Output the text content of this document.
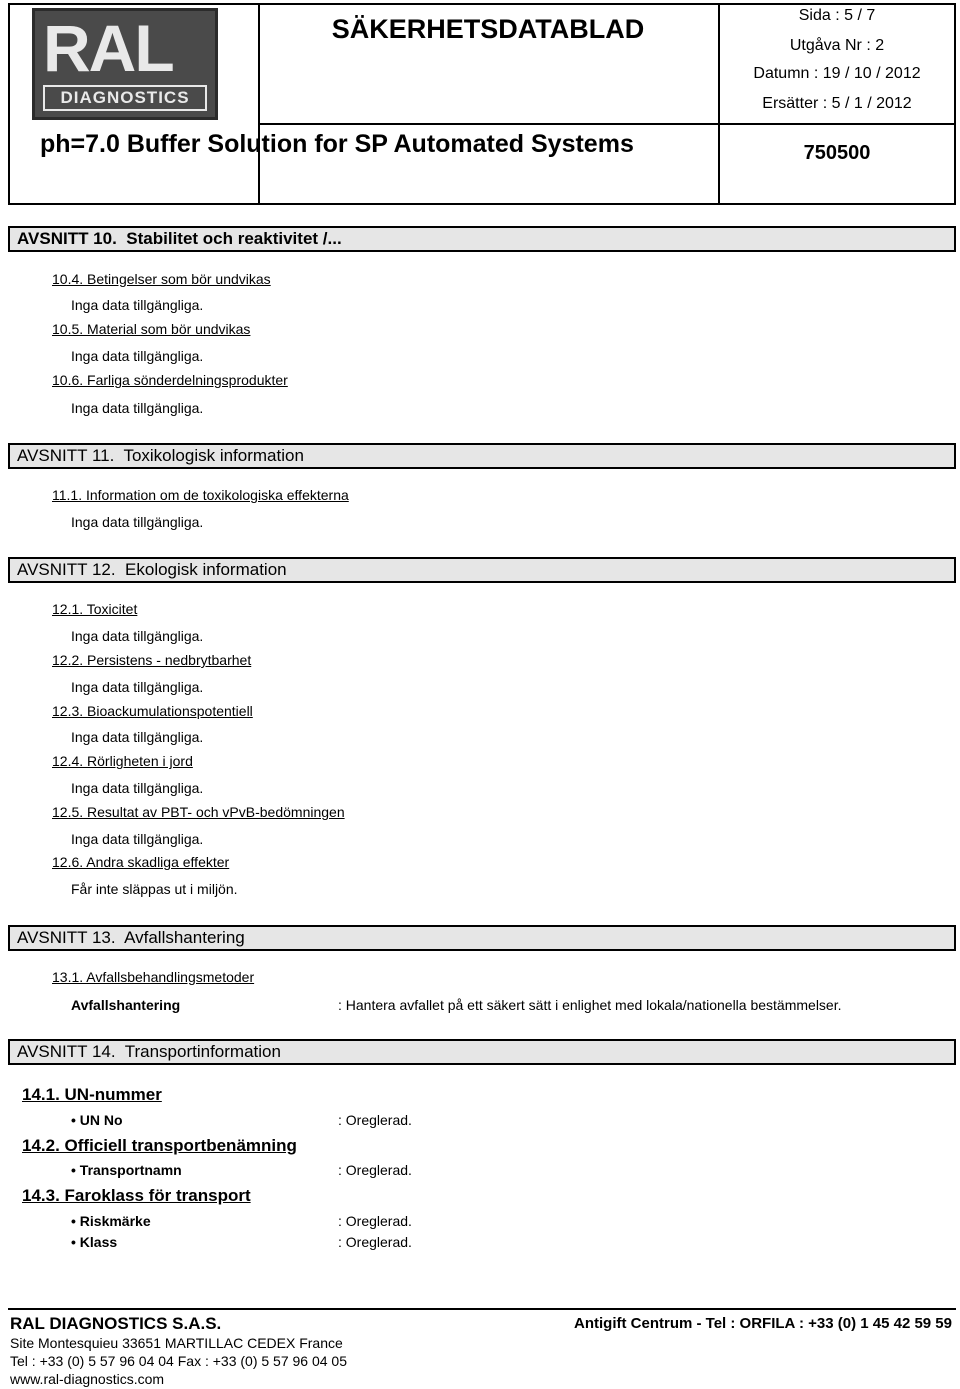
RAL
DIAGNOSTICS
SÄKERHETSDATABLAD	Sida : 5 / 7
Utgåva Nr : 2
Datumn : 19 / 10 / 2012
Ersätter : 5 / 1 / 2012
ph=7.0 Buffer Solution for SP Automated Systems	750500
AVSNITT 10. Stabilitet och reaktivitet /...
10.4. Betingelser som bör undvikas
Inga data tillgängliga.
10.5. Material som bör undvikas
Inga data tillgängliga.
10.6. Farliga sönderdelningsprodukter
Inga data tillgängliga.
AVSNITT 11. Toxikologisk information
11.1. Information om de toxikologiska effekterna
Inga data tillgängliga.
AVSNITT 12. Ekologisk information
12.1. Toxicitet
Inga data tillgängliga.
12.2. Persistens - nedbrytbarhet
Inga data tillgängliga.
12.3. Bioackumulationspotentiell
Inga data tillgängliga.
12.4. Rörligheten i jord
Inga data tillgängliga.
12.5. Resultat av PBT- och vPvB-bedömningen
Inga data tillgängliga.
12.6. Andra skadliga effekter
Får inte släppas ut i miljön.
AVSNITT 13. Avfallshantering
13.1. Avfallsbehandlingsmetoder
Avfallshantering	: Hantera avfallet på ett säkert sätt i enlighet med lokala/nationella bestämmelser.
AVSNITT 14. Transportinformation
14.1. UN-nummer
• UN No	: Oreglerad.
14.2. Officiell transportbenämning
• Transportnamn	: Oreglerad.
14.3. Faroklass för transport
• Riskmärke	: Oreglerad.
• Klass	: Oreglerad.
RAL DIAGNOSTICS S.A.S.	Antigift Centrum - Tel : ORFILA : +33 (0) 1 45 42 59 59
Site Montesquieu 33651 MARTILLAC CEDEX France
Tel : +33 (0) 5 57 96 04 04 Fax : +33 (0) 5 57 96 04 05
www.ral-diagnostics.com
